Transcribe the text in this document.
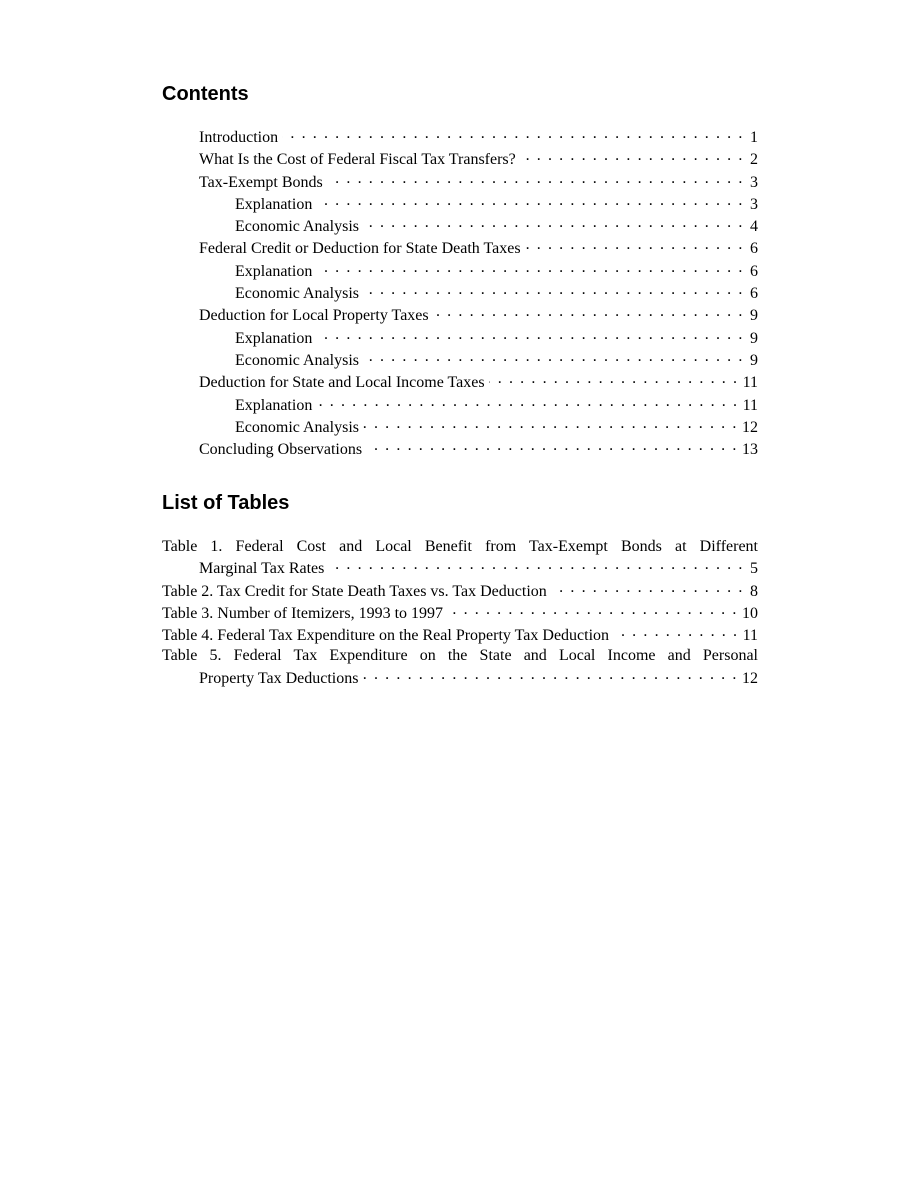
Contents
Introduction . . .	1
What Is the Cost of Federal Fiscal Tax Transfers? . . .	2
Tax-Exempt Bonds . . .	3
Explanation . . .	3
Economic Analysis . . .	4
Federal Credit or Deduction for State Death Taxes . . .	6
Explanation . . .	6
Economic Analysis . . .	6
Deduction for Local Property Taxes . . .	9
Explanation . . .	9
Economic Analysis . . .	9
Deduction for State and Local Income Taxes . . .	11
Explanation . . .	11
Economic Analysis . . .	12
Concluding Observations . . .	13
List of Tables
Table 1. Federal Cost and Local Benefit from Tax-Exempt Bonds at Different
Marginal Tax Rates . . .	5
Table 2. Tax Credit for State Death Taxes vs. Tax Deduction . . .	8
Table 3. Number of Itemizers, 1993 to 1997 . . .	10
Table 4. Federal Tax Expenditure on the Real Property Tax Deduction . . .	11
Table 5. Federal Tax Expenditure on the State and Local Income and Personal
Property Tax Deductions . . .	12
